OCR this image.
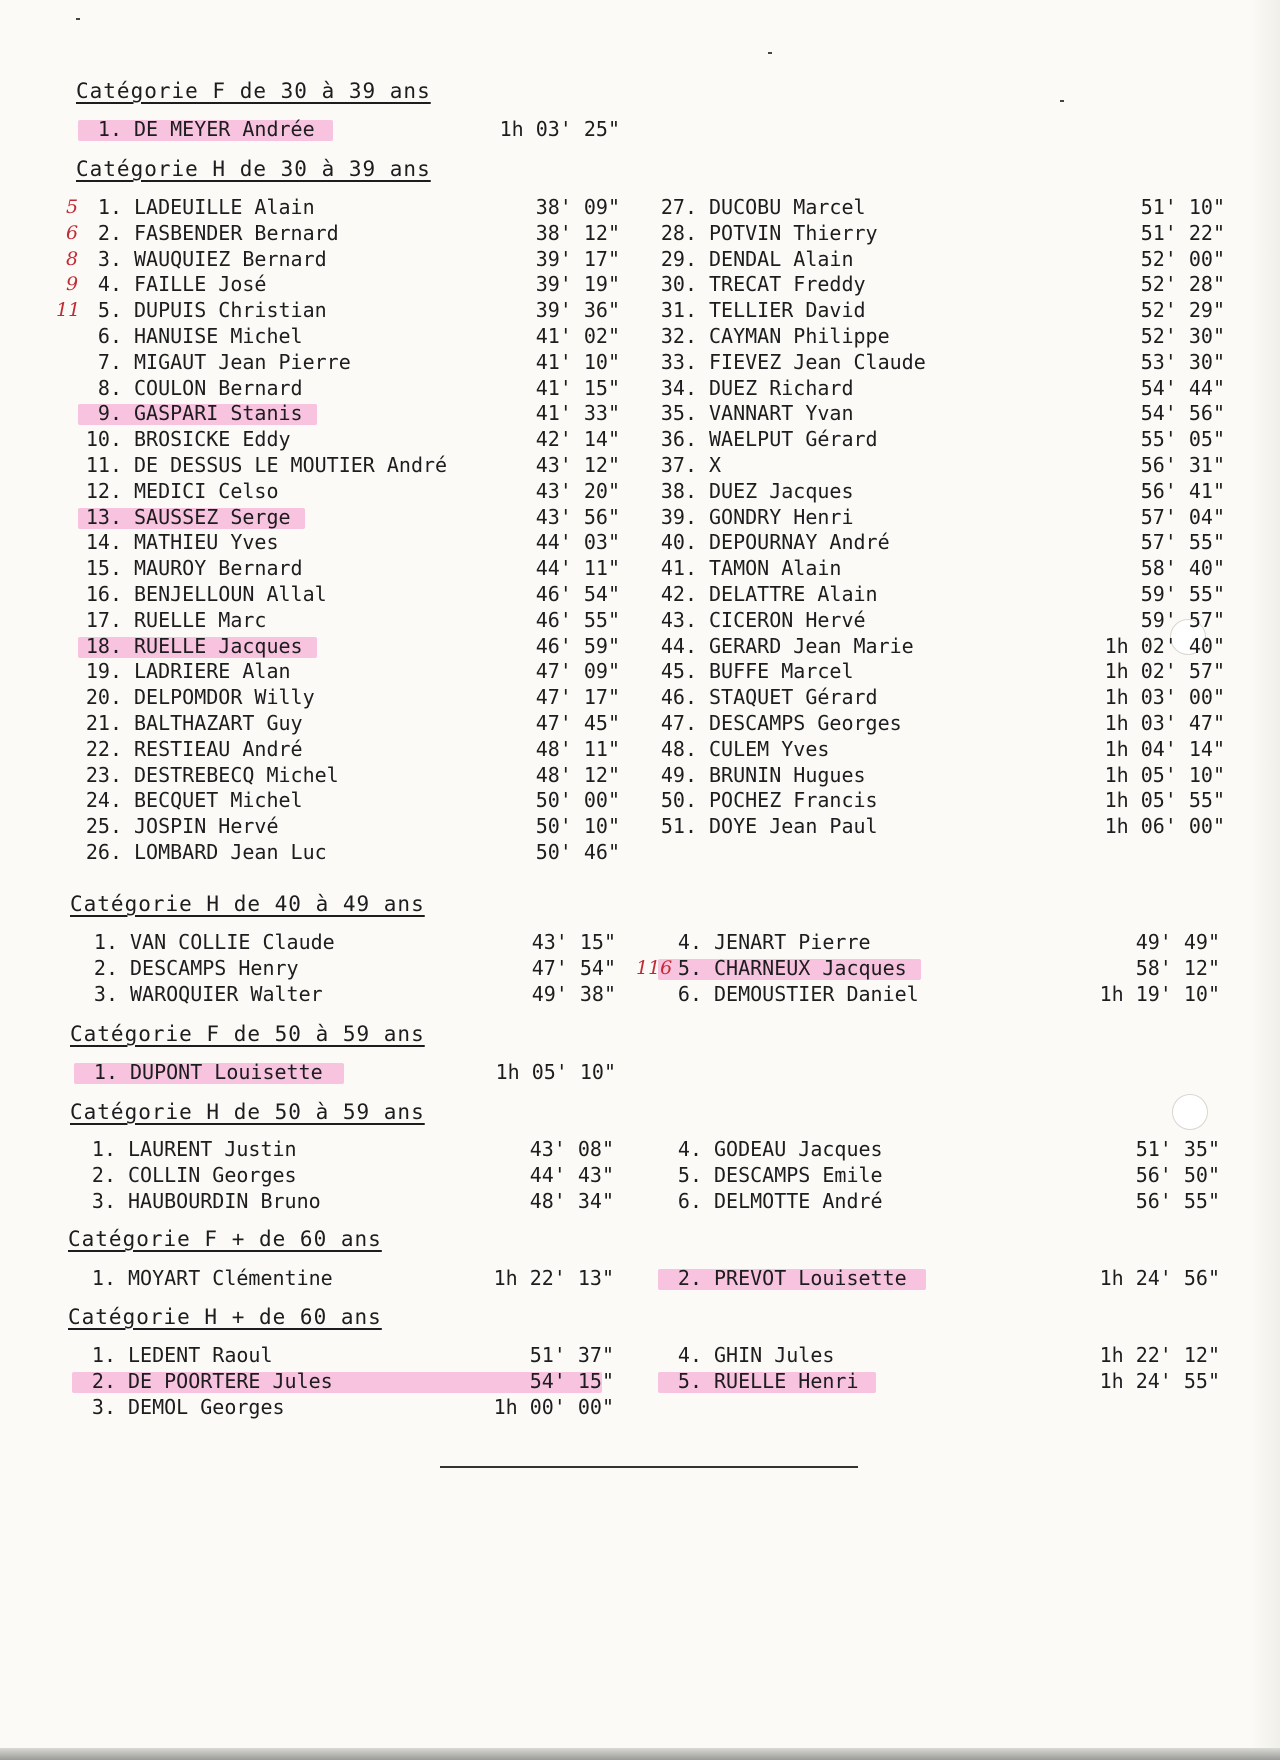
Catégorie F de 30 à 39 ans
1. DE MEYER Andrée	1h 03' 25"
Catégorie H de 30 à 39 ans
5 1. LADEUILLE Alain	38' 09"
6 2. FASBENDER Bernard	38' 12"
8 3. WAUQUIEZ Bernard	39' 17"
9 4. FAILLE José	39' 19"
11 5. DUPUIS Christian	39' 36"
6. HANUISE Michel	41' 02"
7. MIGAUT Jean Pierre	41' 10"
8. COULON Bernard	41' 15"
9. GASPARI Stanis	41' 33"
10. BROSICKE Eddy	42' 14"
11. DE DESSUS LE MOUTIER André	43' 12"
12. MEDICI Celso	43' 20"
13. SAUSSEZ Serge	43' 56"
14. MATHIEU Yves	44' 03"
15. MAUROY Bernard	44' 11"
16. BENJELLOUN Allal	46' 54"
17. RUELLE Marc	46' 55"
18. RUELLE Jacques	46' 59"
19. LADRIERE Alan	47' 09"
20. DELPOMDOR Willy	47' 17"
21. BALTHAZART Guy	47' 45"
22. RESTIEAU André	48' 11"
23. DESTREBECQ Michel	48' 12"
24. BECQUET Michel	50' 00"
25. JOSPIN Hervé	50' 10"
26. LOMBARD Jean Luc	50' 46"
27. DUCOBU Marcel	51' 10"
28. POTVIN Thierry	51' 22"
29. DENDAL Alain	52' 00"
30. TRECAT Freddy	52' 28"
31. TELLIER David	52' 29"
32. CAYMAN Philippe	52' 30"
33. FIEVEZ Jean Claude	53' 30"
34. DUEZ Richard	54' 44"
35. VANNART Yvan	54' 56"
36. WAELPUT Gérard	55' 05"
37. X	56' 31"
38. DUEZ Jacques	56' 41"
39. GONDRY Henri	57' 04"
40. DEPOURNAY André	57' 55"
41. TAMON Alain	58' 40"
42. DELATTRE Alain	59' 55"
43. CICERON Hervé	59' 57"
44. GERARD Jean Marie	1h 02' 40"
45. BUFFE Marcel	1h 02' 57"
46. STAQUET Gérard	1h 03' 00"
47. DESCAMPS Georges	1h 03' 47"
48. CULEM Yves	1h 04' 14"
49. BRUNIN Hugues	1h 05' 10"
50. POCHEZ Francis	1h 05' 55"
51. DOYE Jean Paul	1h 06' 00"
Catégorie H de 40 à 49 ans
1. VAN COLLIE Claude	43' 15"
2. DESCAMPS Henry	47' 54"
3. WAROQUIER Walter	49' 38"
4. JENART Pierre	49' 49"
116 5. CHARNEUX Jacques	58' 12"
6. DEMOUSTIER Daniel	1h 19' 10"
Catégorie F de 50 à 59 ans
1. DUPONT Louisette	1h 05' 10"
Catégorie H de 50 à 59 ans
1. LAURENT Justin	43' 08"
2. COLLIN Georges	44' 43"
3. HAUBOURDIN Bruno	48' 34"
4. GODEAU Jacques	51' 35"
5. DESCAMPS Emile	56' 50"
6. DELMOTTE André	56' 55"
Catégorie F + de 60 ans
1. MOYART Clémentine	1h 22' 13"	2. PREVOT Louisette	1h 24' 56"
Catégorie H + de 60 ans
1. LEDENT Raoul	51' 37"
2. DE POORTERE Jules	54' 15"
3. DEMOL Georges	1h 00' 00"
4. GHIN Jules	1h 22' 12"
5. RUELLE Henri	1h 24' 55"
